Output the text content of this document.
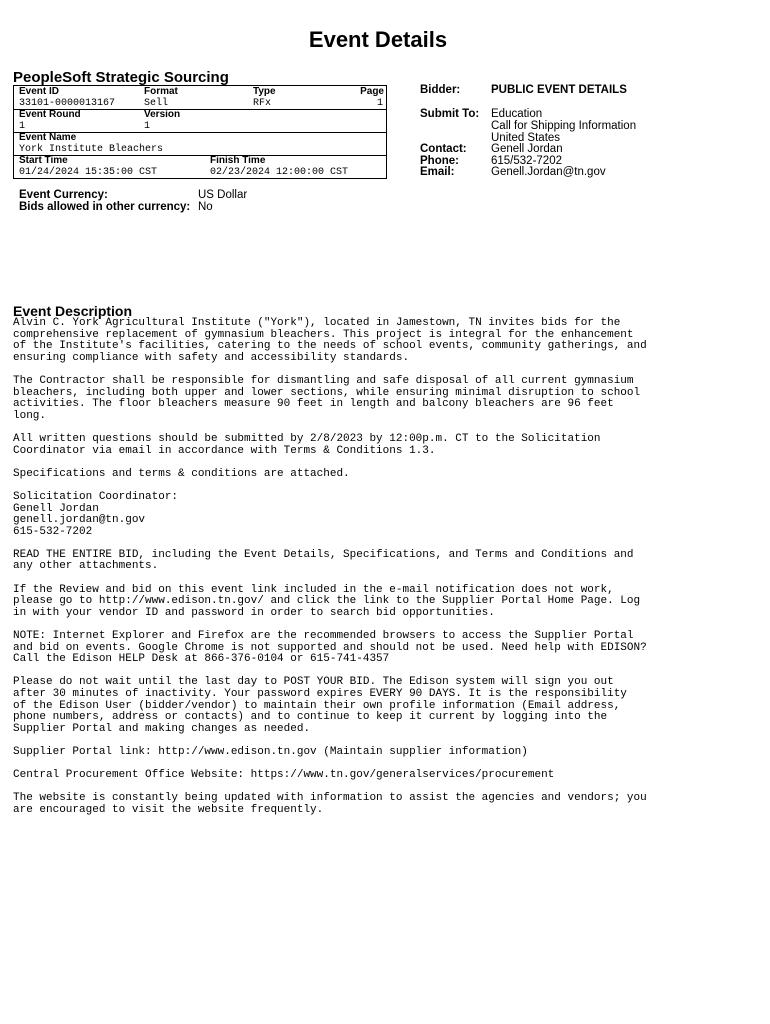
Event Details
PeopleSoft Strategic Sourcing
Event ID	Format	Type	Page
33101-0000013167	Sell	RFx	1
Event Round	Version
1	1
Event Name
York Institute Bleachers
Start Time	Finish Time
01/24/2024 15:35:00 CST	02/23/2024 12:00:00 CST
Bidder:	PUBLIC EVENT DETAILS
Submit To: Education
Call for Shipping Information
United States
Contact: Genell Jordan
Phone:	615/532-7202
Email:	Genell.Jordan@tn.gov
Event Currency:	US Dollar
Bids allowed in other currency: No
Event Description

Alvin C. York Agricultural Institute ("York"), located in Jamestown, TN invites bids for the
comprehensive replacement of gymnasium bleachers. This project is integral for the enhancement
of the Institute's facilities, catering to the needs of school events, community gatherings, and
ensuring compliance with safety and accessibility standards.

The Contractor shall be responsible for dismantling and safe disposal of all current gymnasium
bleachers, including both upper and lower sections, while ensuring minimal disruption to school
activities. The floor bleachers measure 90 feet in length and balcony bleachers are 96 feet
long.

All written questions should be submitted by 2/8/2023 by 12:00p.m. CT to the Solicitation
Coordinator via email in accordance with Terms & Conditions 1.3.

Specifications and terms & conditions are attached.

Solicitation Coordinator:
Genell Jordan
genell.jordan@tn.gov
615-532-7202

READ THE ENTIRE BID, including the Event Details, Specifications, and Terms and Conditions and
any other attachments.

If the Review and bid on this event link included in the e-mail notification does not work,
please go to http://www.edison.tn.gov/ and click the link to the Supplier Portal Home Page. Log
in with your vendor ID and password in order to search bid opportunities.

NOTE: Internet Explorer and Firefox are the recommended browsers to access the Supplier Portal
and bid on events. Google Chrome is not supported and should not be used. Need help with EDISON?
Call the Edison HELP Desk at 866-376-0104 or 615-741-4357

Please do not wait until the last day to POST YOUR BID. The Edison system will sign you out
after 30 minutes of inactivity. Your password expires EVERY 90 DAYS. It is the responsibility
of the Edison User (bidder/vendor) to maintain their own profile information (Email address,
phone numbers, address or contacts) and to continue to keep it current by logging into the
Supplier Portal and making changes as needed.

Supplier Portal link: http://www.edison.tn.gov (Maintain supplier information)

Central Procurement Office Website: https://www.tn.gov/generalservices/procurement

The website is constantly being updated with information to assist the agencies and vendors; you
are encouraged to visit the website frequently.
